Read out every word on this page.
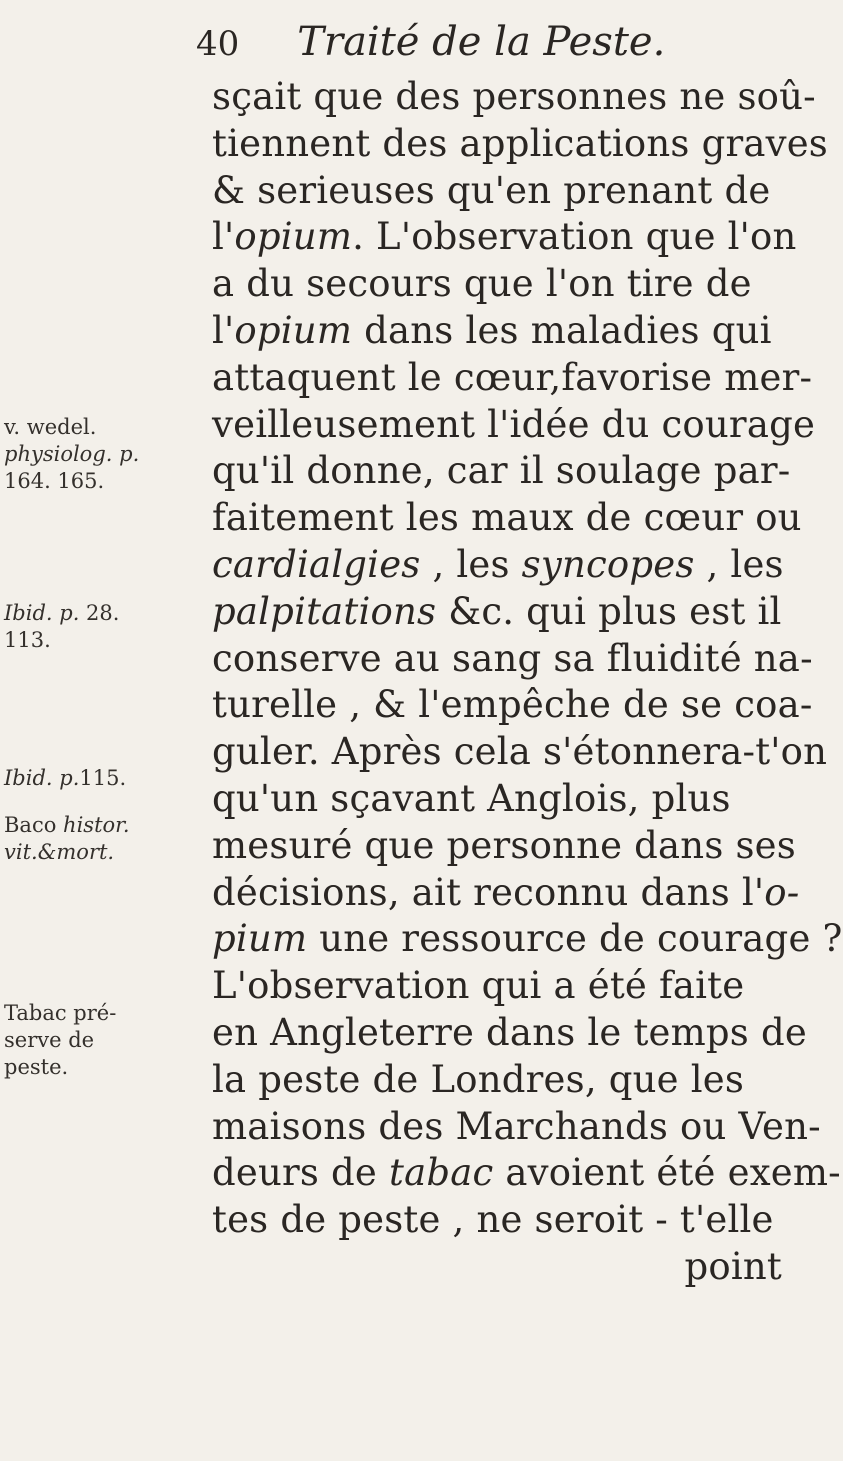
40 Traité de la Peste.
sçait que des personnes ne soû-
tiennent des applications graves
& serieuses qu'en prenant de
l'opium. L'observation que l'on
a du secours que l'on tire de
l'opium dans les maladies qui
attaquent le cœur,favorise mer-
veilleusement l'idée du courage
qu'il donne, car il soulage par-
faitement les maux de cœur ou
cardialgies , les syncopes , les
palpitations &c. qui plus est il
conserve au sang sa fluidité na-
turelle , & l'empêche de se coa-
guler. Après cela s'étonnera-t'on
qu'un sçavant Anglois, plus
mesuré que personne dans ses
décisions, ait reconnu dans l'o-
pium une ressource de courage ?
L'observation qui a été faite
en Angleterre dans le temps de
la peste de Londres, que les
maisons des Marchands ou Ven-
deurs de tabac avoient été exem-
tes de peste , ne seroit - t'elle
point
v. wedel.
physiolog. p.
164. 165.
Ibid. p. 28.
113.
Ibid. p.115.
Baco histor.
vit.&mort.
Tabac pré-
serve de
peste.
